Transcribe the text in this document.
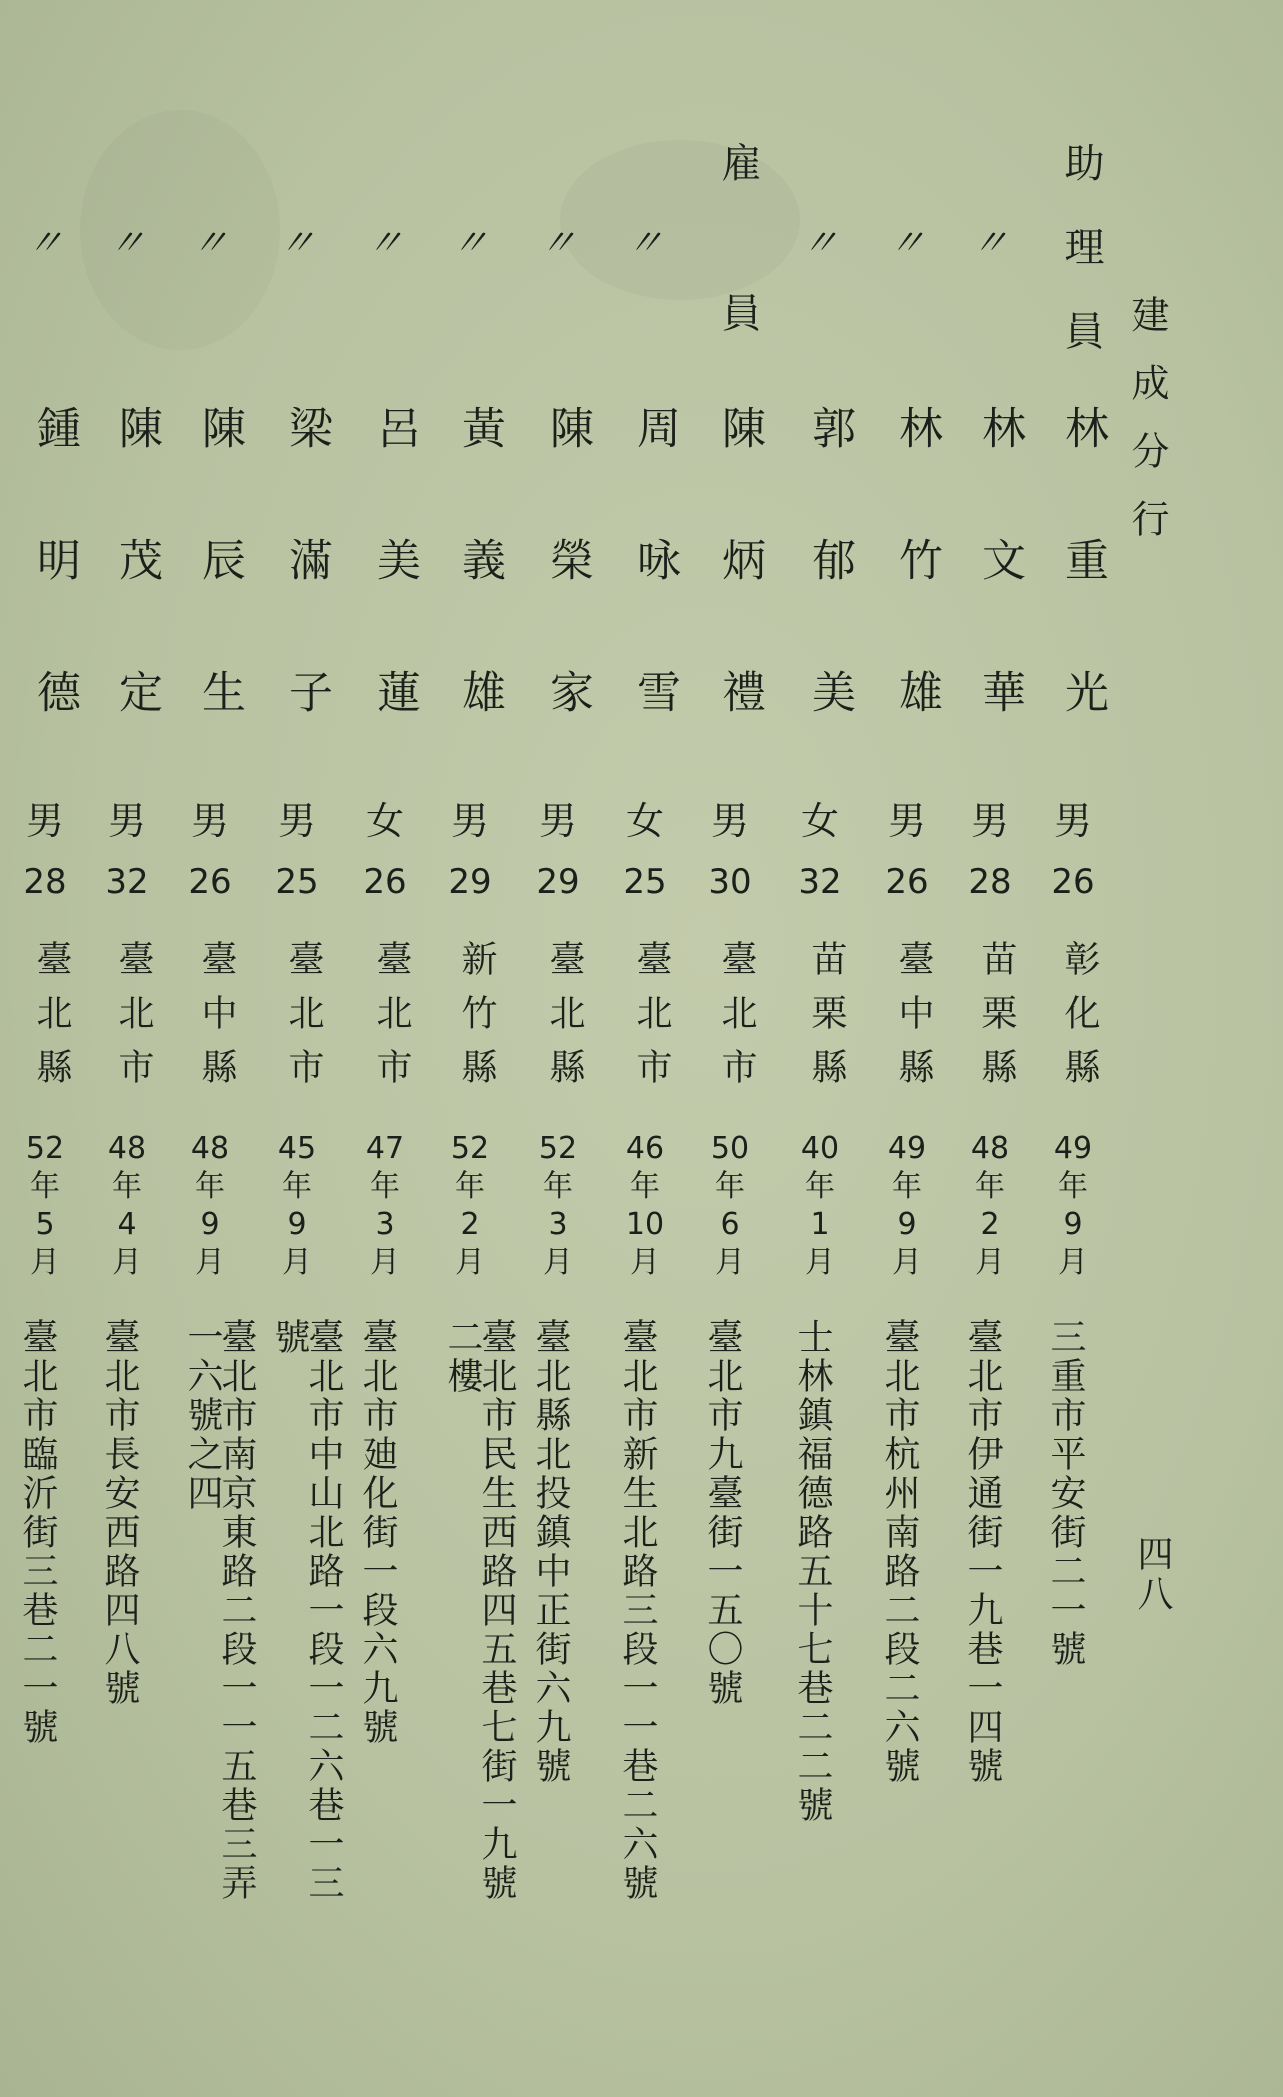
建成分行
四八
助理員
林重光
男
26
彰化縣
49
年
9
月
三重市平安街二一號
〃
林文華
男
28
苗栗縣
48
年
2
月
臺北市伊通街一九巷一四號
〃
林竹雄
男
26
臺中縣
49
年
9
月
臺北市杭州南路二段二六號
〃
郭郁美
女
32
苗栗縣
40
年
1
月
士林鎮福德路五十七巷二二號
雇員
陳炳禮
男
30
臺北市
50
年
6
月
臺北市九臺街一五〇號
〃
周咏雪
女
25
臺北市
46
年
10
月
臺北市新生北路三段一一巷二六號
〃
陳榮家
男
29
臺北縣
52
年
3
月
臺北縣北投鎮中正街六九號
〃
黃義雄
男
29
新竹縣
52
年
2
月
臺北市民生西路四五巷七街一九號二樓
〃
呂美蓮
女
26
臺北市
47
年
3
月
臺北市廸化街一段六九號
〃
梁滿子
男
25
臺北市
45
年
9
月
臺北市中山北路一段一二六巷一三號
〃
陳辰生
男
26
臺中縣
48
年
9
月
臺北市南京東路二段一一五巷三弄一六號之四
〃
陳茂定
男
32
臺北市
48
年
4
月
臺北市長安西路四八號
〃
鍾明德
男
28
臺北縣
52
年
5
月
臺北市臨沂街三巷二一號
